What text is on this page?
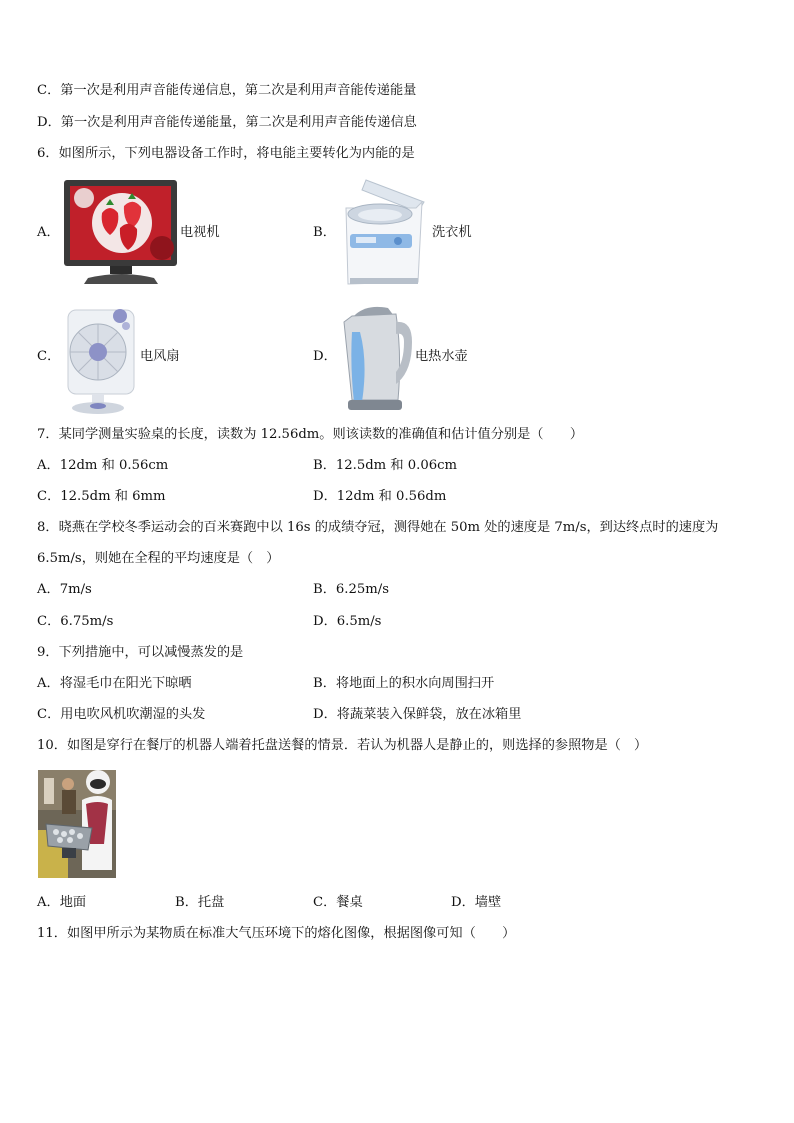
C．第一次是利用声音能传递信息，第二次是利用声音能传递能量
D．第一次是利用声音能传递能量，第二次是利用声音能传递信息
6．如图所示，下列电器设备工作时，将电能主要转化为内能的是
A．	电视机	B．	洗衣机
C．	电风扇	D．	电热水壶
7．某同学测量实验桌的长度，读数为 12.56dm。则该读数的准确值和估计值分别是（　　）
A．12dm 和 0.56cm	B．12.5dm 和 0.06cm
C．12.5dm 和 6mm	D．12dm 和 0.56dm
8．晓燕在学校冬季运动会的百米赛跑中以 16s 的成绩夺冠，测得她在 50m 处的速度是 7m/s，到达终点时的速度为
6.5m/s，则她在全程的平均速度是（　）
A．7m/s	B．6.25m/s
C．6.75m/s	D．6.5m/s
9．下列措施中，可以减慢蒸发的是
A．将湿毛巾在阳光下晾晒	B．将地面上的积水向周围扫开
C．用电吹风机吹潮湿的头发	D．将蔬菜装入保鲜袋，放在冰箱里
10．如图是穿行在餐厅的机器人端着托盘送餐的情景．若认为机器人是静止的，则选择的参照物是（　）
A．地面	B．托盘	C．餐桌	D．墙壁
11．如图甲所示为某物质在标准大气压环境下的熔化图像，根据图像可知（　　）
